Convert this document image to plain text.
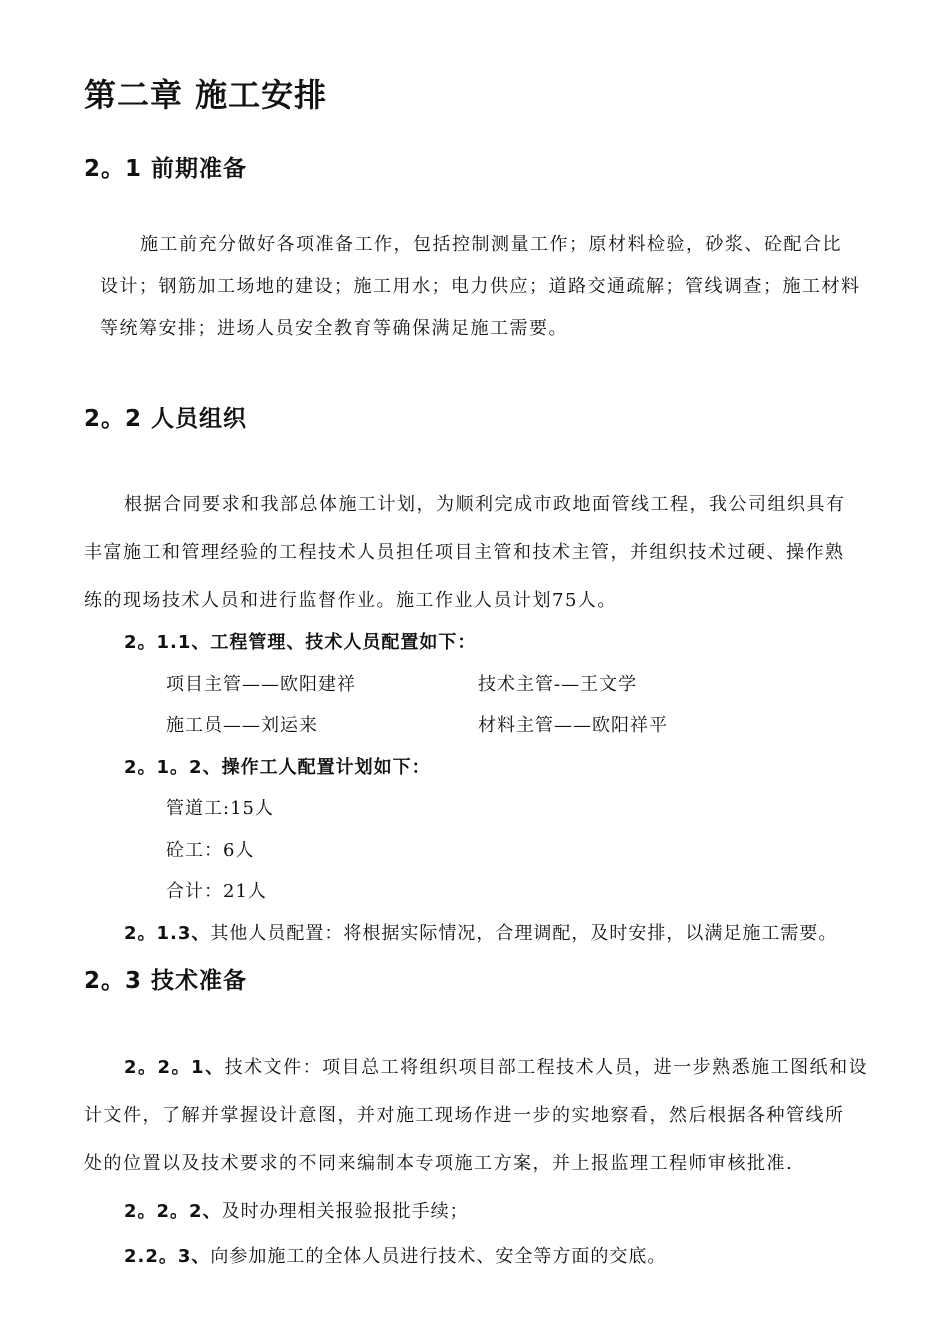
第二章 施工安排
2。1 前期准备
施工前充分做好各项准备工作，包括控制测量工作；原材料检验，砂浆、砼配合比
设计；钢筋加工场地的建设；施工用水；电力供应；道路交通疏解；管线调查；施工材料
等统筹安排；进场人员安全教育等确保满足施工需要。
2。2 人员组织
根据合同要求和我部总体施工计划，为顺利完成市政地面管线工程，我公司组织具有
丰富施工和管理经验的工程技术人员担任项目主管和技术主管，并组织技术过硬、操作熟
练的现场技术人员和进行监督作业。施工作业人员计划75人。
2。1.1、工程管理、技术人员配置如下：
项目主管——欧阳建祥	技术主管-—王文学
施工员——刘运来	材料主管——欧阳祥平
2。1。2、操作工人配置计划如下：
管道工:15人
砼工：6人
合计：21人
2。1.3、其他人员配置：将根据实际情况，合理调配，及时安排，以满足施工需要。
2。3 技术准备
2。2。1、技术文件：项目总工将组织项目部工程技术人员，进一步熟悉施工图纸和设
计文件，了解并掌握设计意图，并对施工现场作进一步的实地察看，然后根据各种管线所
处的位置以及技术要求的不同来编制本专项施工方案，并上报监理工程师审核批准.
2。2。2、及时办理相关报验报批手续；
2.2。3、向参加施工的全体人员进行技术、安全等方面的交底。
